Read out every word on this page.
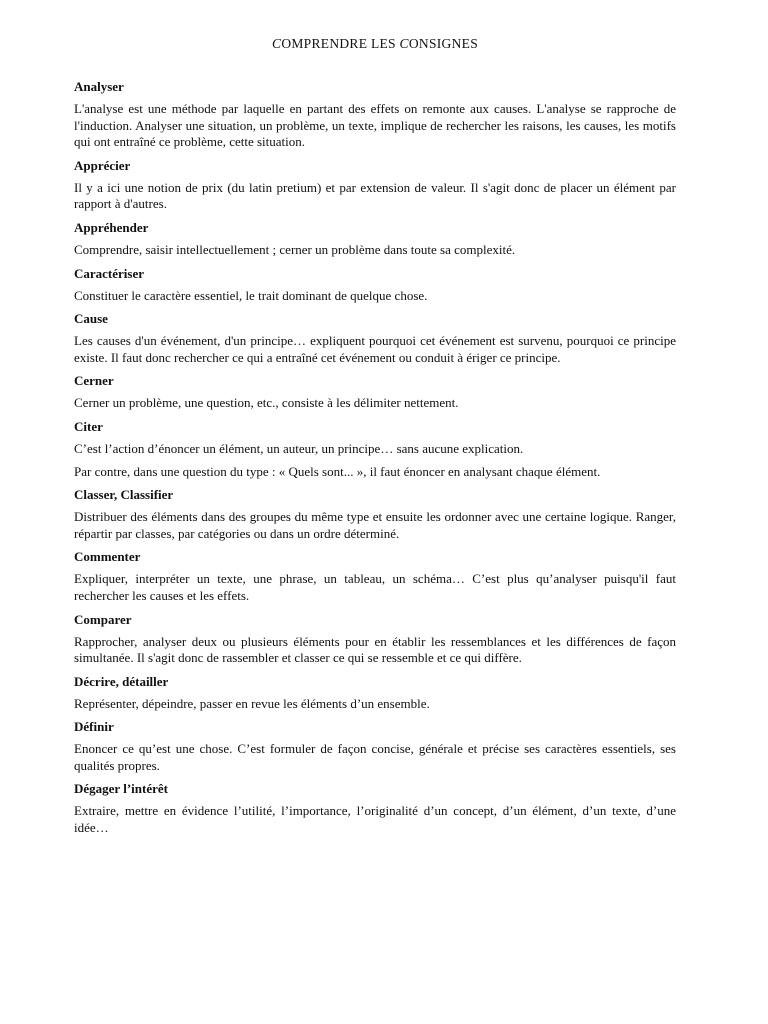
COMPRENDRE LES CONSIGNES
Analyser

L'analyse est une méthode par laquelle en partant des effets on remonte aux causes. L'analyse se rapproche de l'induction. Analyser une situation, un problème, un texte, implique de rechercher les raisons, les causes, les motifs qui ont entraîné ce problème, cette situation.

Apprécier

Il y a ici une notion de prix (du latin pretium) et par extension de valeur. Il s'agit donc de placer un élément par rapport à d'autres.

Appréhender

Comprendre, saisir intellectuellement ; cerner un problème dans toute sa complexité.

Caractériser

Constituer le caractère essentiel, le trait dominant de quelque chose.

Cause

Les causes d'un événement, d'un principe… expliquent pourquoi cet événement est survenu, pourquoi ce principe existe. Il faut donc rechercher ce qui a entraîné cet événement ou conduit à ériger ce principe.

Cerner

Cerner un problème, une question, etc., consiste à les délimiter nettement.

Citer

C’est l’action d’énoncer un élément, un auteur, un principe… sans aucune explication.

Par contre, dans une question du type : « Quels sont... », il faut énoncer en analysant chaque élément.

Classer, Classifier

Distribuer des éléments dans des groupes du même type et ensuite les ordonner avec une certaine logique. Ranger, répartir par classes, par catégories ou dans un ordre déterminé.

Commenter

Expliquer, interpréter un texte, une phrase, un tableau, un schéma… C’est plus qu’analyser puisqu'il faut rechercher les causes et les effets.

Comparer

Rapprocher, analyser deux ou plusieurs éléments pour en établir les ressemblances et les différences de façon simultanée. Il s'agit donc de rassembler et classer ce qui se ressemble et ce qui diffère.

Décrire, détailler

Représenter, dépeindre, passer en revue les éléments d’un ensemble.

Définir

Enoncer ce qu’est une chose. C’est formuler de façon concise, générale et précise ses caractères essentiels, ses qualités propres.

Dégager l’intérêt

Extraire, mettre en évidence l’utilité, l’importance, l’originalité d’un concept, d’un élément, d’un texte, d’une idée…
